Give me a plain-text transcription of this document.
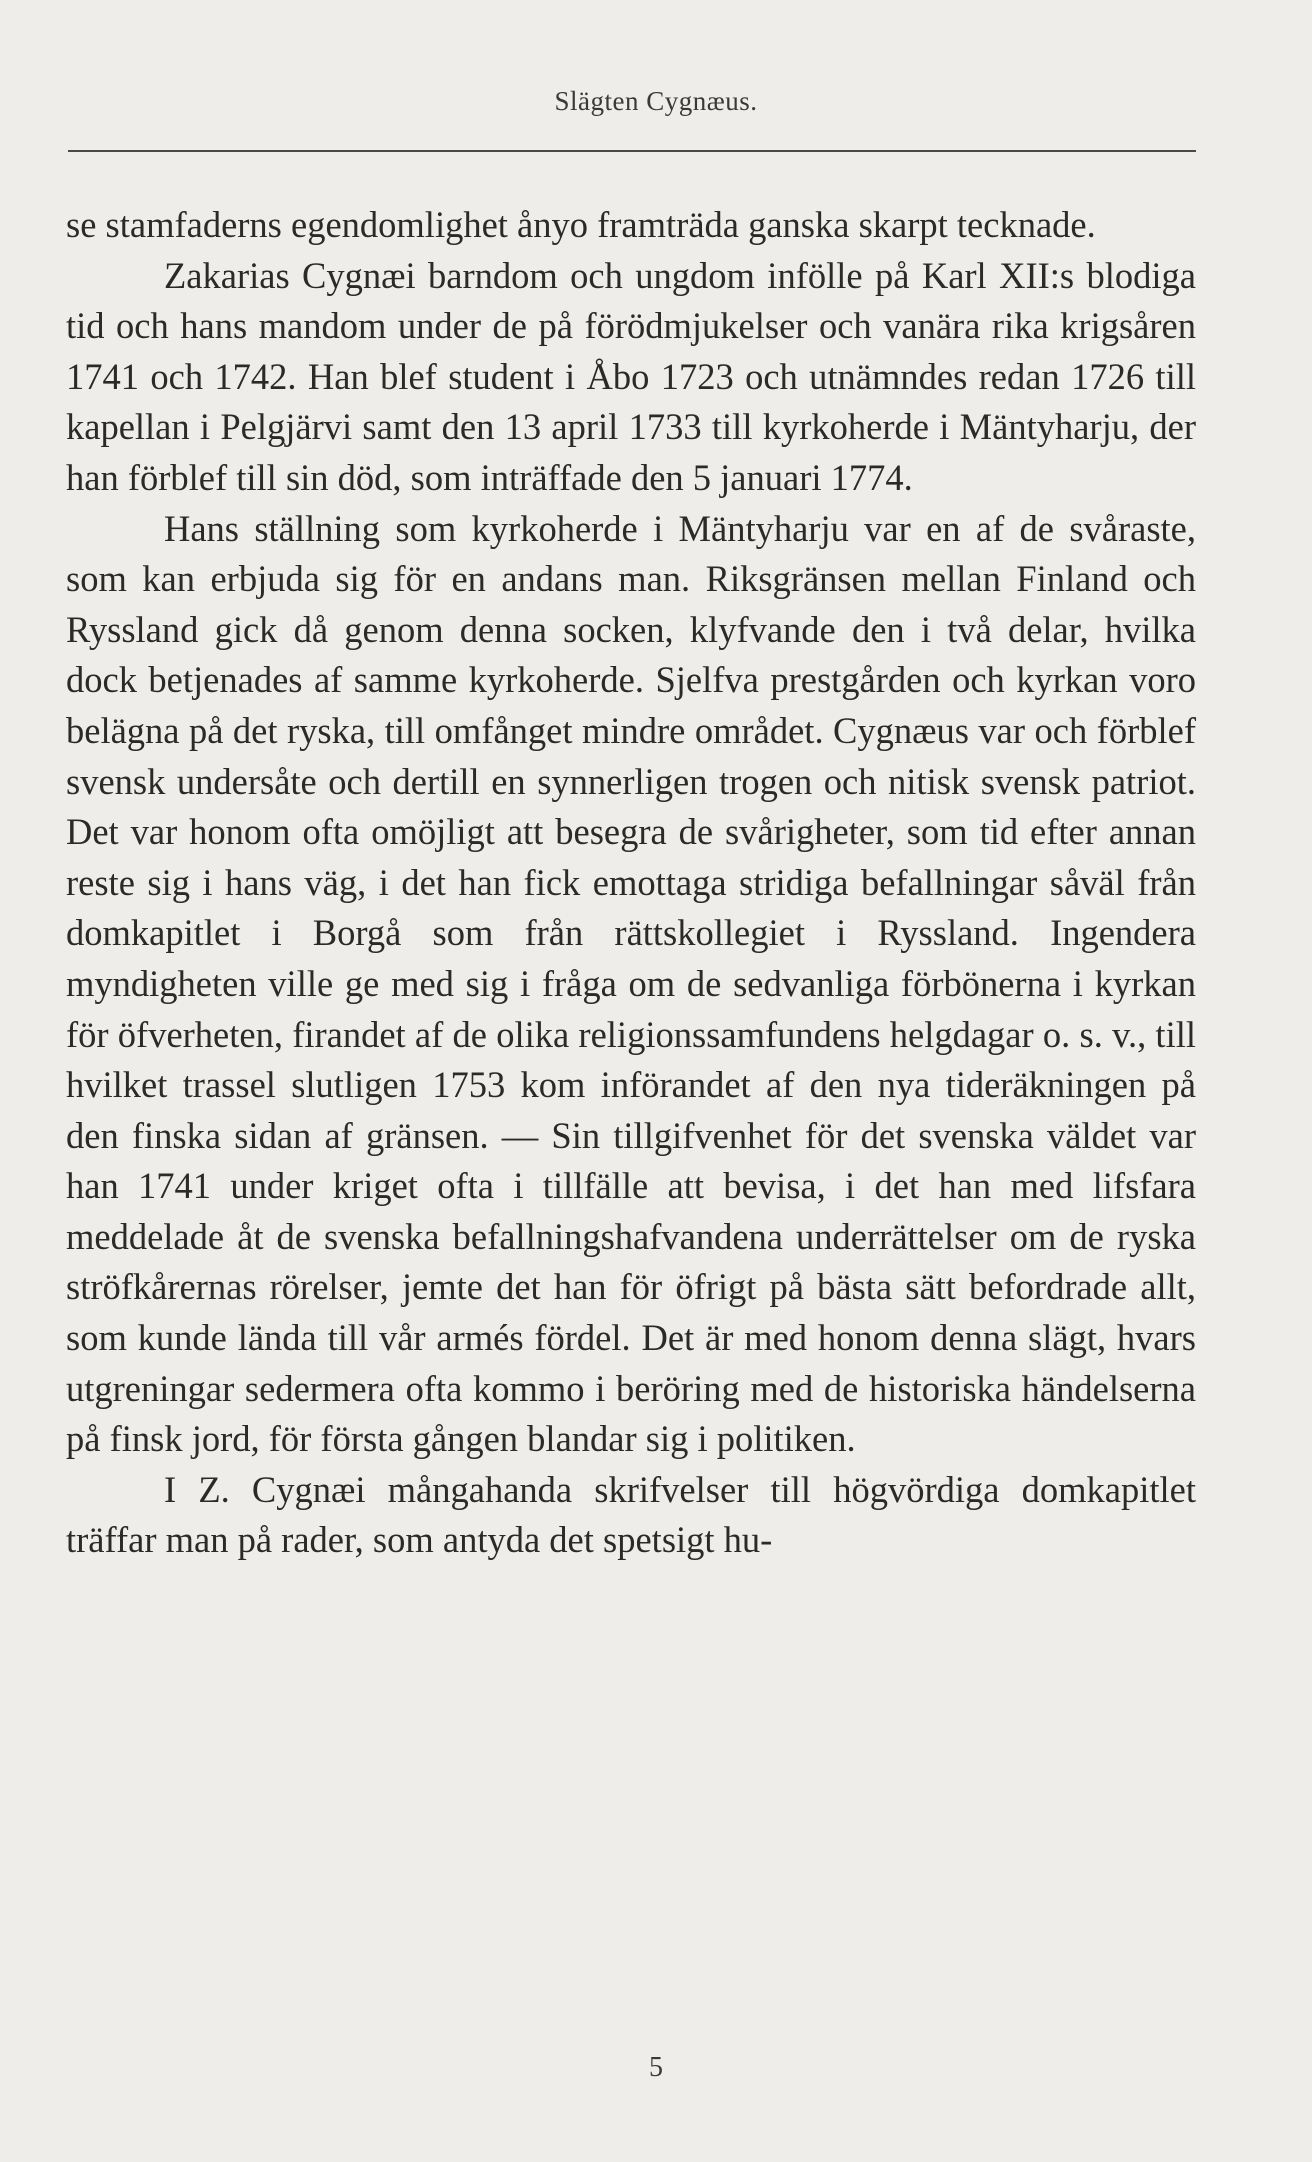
Slägten Cygnæus.

se stamfaderns egendomlighet ånyo framträda ganska skarpt tecknade.

Zakarias Cygnæi barndom och ungdom infölle på Karl XII:s blodiga tid och hans mandom under de på förödmjukelser och vanära rika krigsåren 1741 och 1742. Han blef student i Åbo 1723 och utnämndes redan 1726 till kapellan i Pelgjärvi samt den 13 april 1733 till kyrkoherde i Mäntyharju, der han förblef till sin död, som inträffade den 5 januari 1774.

Hans ställning som kyrkoherde i Mäntyharju var en af de svåraste, som kan erbjuda sig för en andans man. Riksgränsen mellan Finland och Ryssland gick då genom denna socken, klyfvande den i två delar, hvilka dock betjenades af samme kyrkoherde. Sjelfva prestgården och kyrkan voro belägna på det ryska, till omfånget mindre området. Cygnæus var och förblef svensk undersåte och dertill en synnerligen trogen och nitisk svensk patriot. Det var honom ofta omöjligt att besegra de svårigheter, som tid efter annan reste sig i hans väg, i det han fick emottaga stridiga befallningar såväl från domkapitlet i Borgå som från rättskollegiet i Ryssland. Ingendera myndigheten ville ge med sig i fråga om de sedvanliga förbönerna i kyrkan för öfverheten, firandet af de olika religionssamfundens helgdagar o. s. v., till hvilket trassel slutligen 1753 kom införandet af den nya tideräkningen på den finska sidan af gränsen. — Sin tillgifvenhet för det svenska väldet var han 1741 under kriget ofta i tillfälle att bevisa, i det han med lifsfara meddelade åt de svenska befallningshafvandena underrättelser om de ryska ströfkårernas rörelser, jemte det han för öfrigt på bästa sätt befordrade allt, som kunde lända till vår armés fördel. Det är med honom denna slägt, hvars utgreningar sedermera ofta kommo i beröring med de historiska händelserna på finsk jord, för första gången blandar sig i politiken.

I Z. Cygnæi mångahanda skrifvelser till högvördiga domkapitlet träffar man på rader, som antyda det spetsigt hu-

5
